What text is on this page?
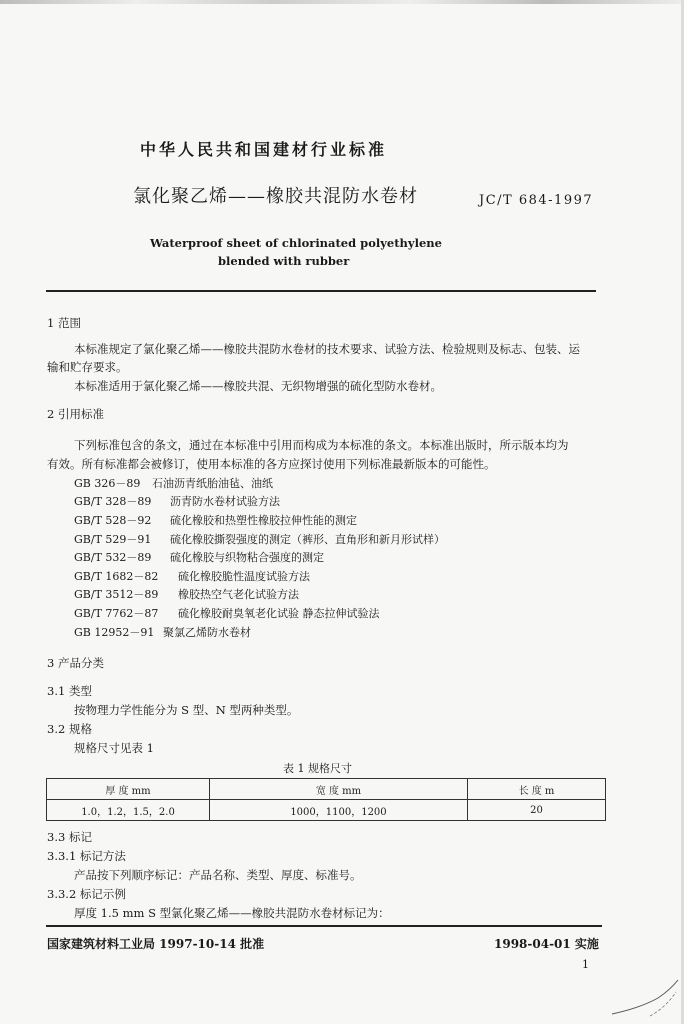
中华人民共和国建材行业标准
氯化聚乙烯——橡胶共混防水卷材	JC/T 684-1997
Waterproof sheet of chlorinated polyethylene
blended with rubber
1 范围
本标准规定了氯化聚乙烯——橡胶共混防水卷材的技术要求、试验方法、检验规则及标志、包装、运
输和贮存要求。
本标准适用于氯化聚乙烯——橡胶共混、无织物增强的硫化型防水卷材。
2 引用标准
下列标准包含的条文，通过在本标准中引用而构成为本标准的条文。本标准出版时，所示版本均为
有效。所有标准都会被修订，使用本标准的各方应探讨使用下列标准最新版本的可能性。
GB 326－89 石油沥青纸胎油毡、油纸
GB/T 328－89 沥青防水卷材试验方法
GB/T 528－92 硫化橡胶和热塑性橡胶拉伸性能的测定
GB/T 529－91 硫化橡胶撕裂强度的测定（裤形、直角形和新月形试样）
GB/T 532－89 硫化橡胶与织物粘合强度的测定
GB/T 1682－82 硫化橡胶脆性温度试验方法
GB/T 3512－89 橡胶热空气老化试验方法
GB/T 7762－87 硫化橡胶耐臭氧老化试验 静态拉伸试验法
GB 12952－91 聚氯乙烯防水卷材
3 产品分类
3.1 类型
按物理力学性能分为 S 型、N 型两种类型。
3.2 规格
规格尺寸见表 1
表 1 规格尺寸
厚 度 mm	宽 度 mm	长 度 m
1.0，1.2，1.5，2.0	1000，1100，1200	20
3.3 标记
3.3.1 标记方法
产品按下列顺序标记：产品名称、类型、厚度、标准号。
3.3.2 标记示例
厚度 1.5 mm S 型氯化聚乙烯——橡胶共混防水卷材标记为：
国家建筑材料工业局 1997-10-14 批准	1998-04-01 实施
1
